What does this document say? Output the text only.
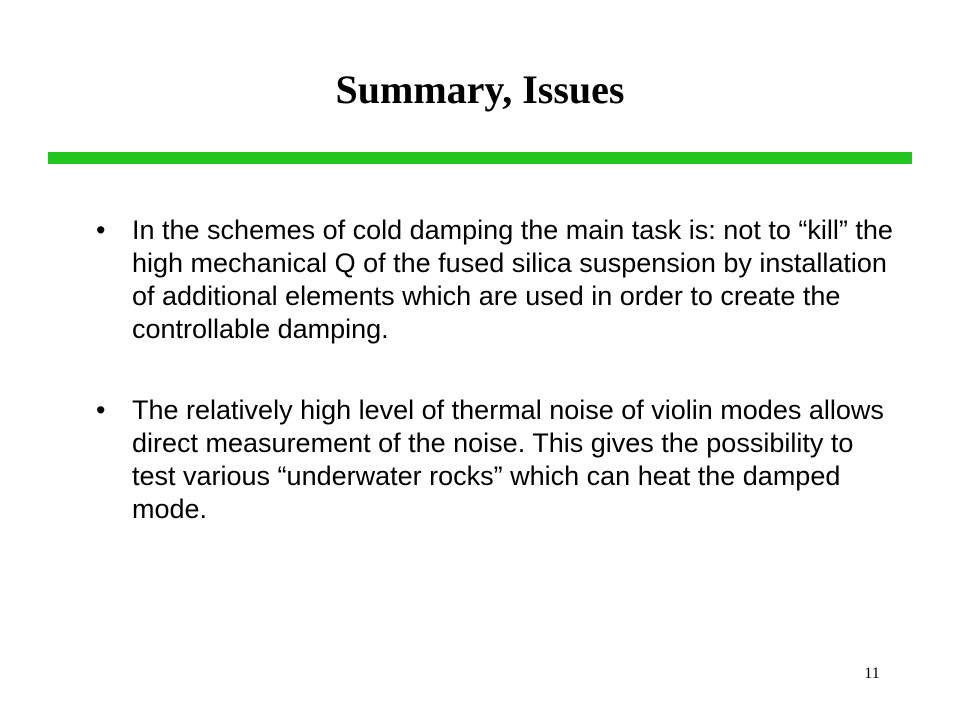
Summary, Issues
• In the schemes of cold damping the main task is: not to “kill” the high mechanical Q of the fused silica suspension by installation of additional elements which are used in order to create the controllable damping.
• The relatively high level of thermal noise of violin modes allows direct measurement of the noise. This gives the possibility to test various “underwater rocks” which can heat the damped mode.
11
